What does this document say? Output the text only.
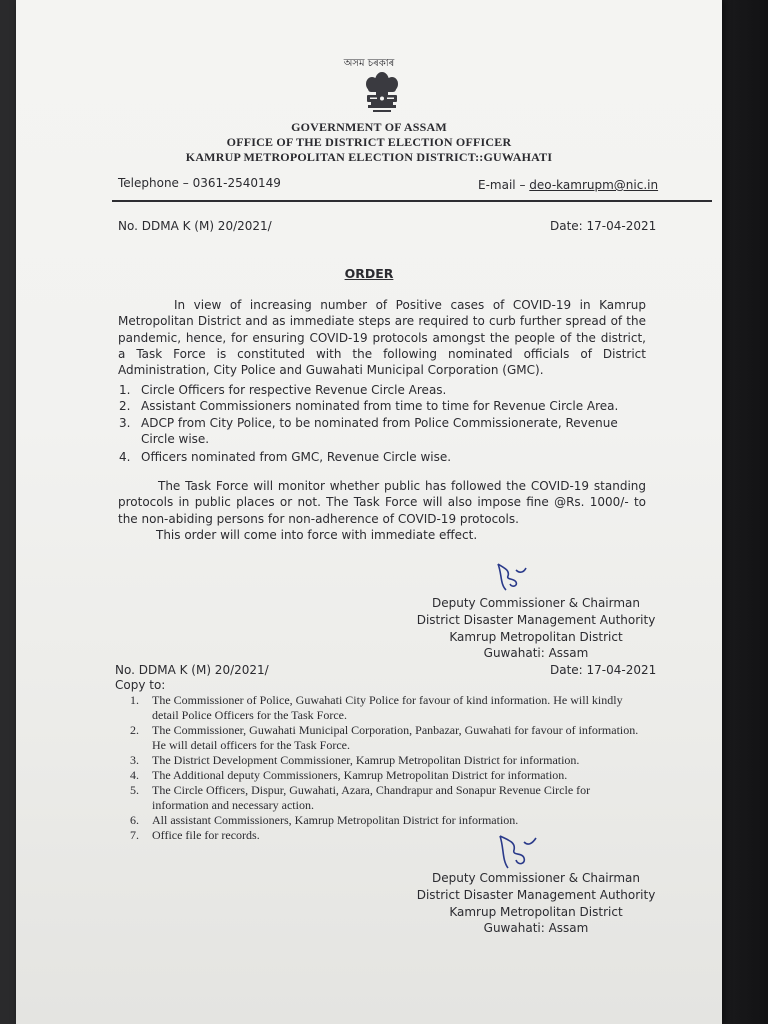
অসম চৰকাৰ
GOVERNMENT OF ASSAM
OFFICE OF THE DISTRICT ELECTION OFFICER
KAMRUP METROPOLITAN ELECTION DISTRICT::GUWAHATI
Telephone – 0361-2540149	E-mail – deo-kamrupm@nic.in
No. DDMA K (M) 20/2021/	Date: 17-04-2021
ORDER

In view of increasing number of Positive cases of COVID-19 in Kamrup Metropolitan District and as immediate steps are required to curb further spread of the pandemic, hence, for ensuring COVID-19 protocols amongst the people of the district, a Task Force is constituted with the following nominated officials of District Administration, City Police and Guwahati Municipal Corporation (GMC).

1. Circle Officers for respective Revenue Circle Areas.
2. Assistant Commissioners nominated from time to time for Revenue Circle Area.
3. ADCP from City Police, to be nominated from Police Commissionerate, Revenue Circle wise.
4. Officers nominated from GMC, Revenue Circle wise.

The Task Force will monitor whether public has followed the COVID-19 standing protocols in public places or not. The Task Force will also impose fine @Rs. 1000/- to the non-abiding persons for non-adherence of COVID-19 protocols.

This order will come into force with immediate effect.

Deputy Commissioner & Chairman
District Disaster Management Authority
Kamrup Metropolitan District
Guwahati: Assam
No. DDMA K (M) 20/2021/	Date: 17-04-2021
Copy to:
1. The Commissioner of Police, Guwahati City Police for favour of kind information. He will kindly detail Police Officers for the Task Force.
2. The Commissioner, Guwahati Municipal Corporation, Panbazar, Guwahati for favour of information. He will detail officers for the Task Force.
3. The District Development Commissioner, Kamrup Metropolitan District for information.
4. The Additional deputy Commissioners, Kamrup Metropolitan District for information.
5. The Circle Officers, Dispur, Guwahati, Azara, Chandrapur and Sonapur Revenue Circle for information and necessary action.
6. All assistant Commissioners, Kamrup Metropolitan District for information.
7. Office file for records.
Deputy Commissioner & Chairman
District Disaster Management Authority
Kamrup Metropolitan District
Guwahati: Assam
